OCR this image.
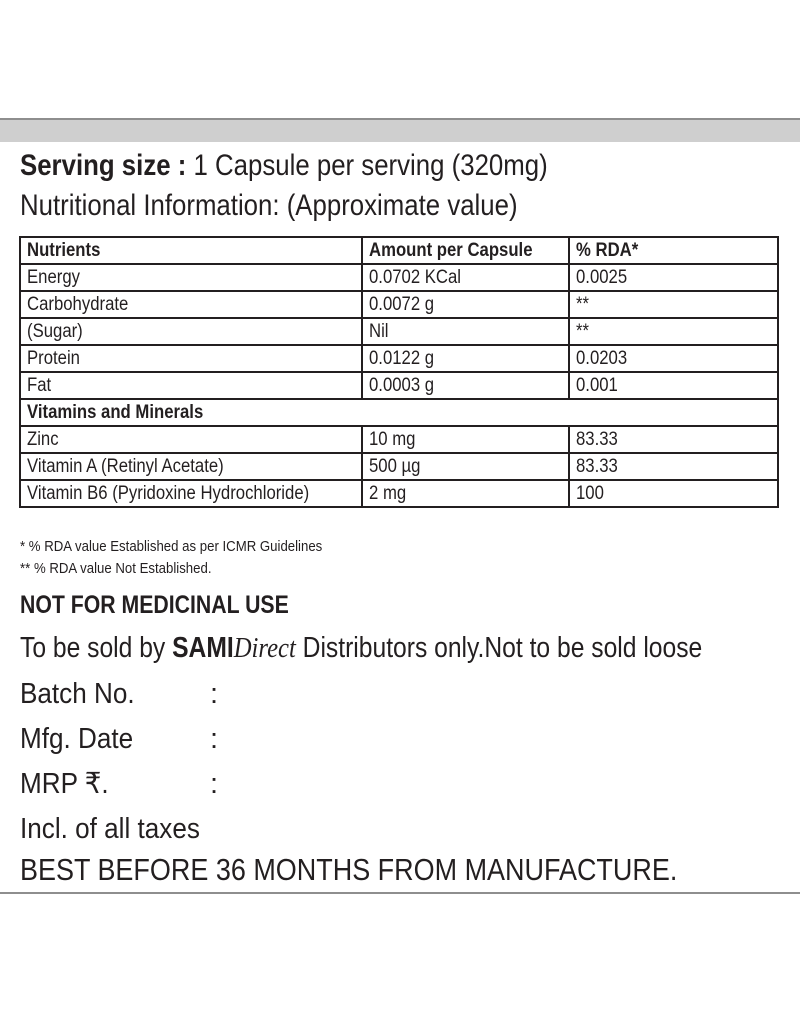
Serving size : 1 Capsule per serving (320mg)
Nutritional Information: (Approximate value)
Nutrients	Amount per Capsule	% RDA*
Energy	0.0702 KCal	0.0025
Carbohydrate	0.0072 g	**
(Sugar)	Nil	**
Protein	0.0122 g	0.0203
Fat	0.0003 g	0.001
Vitamins and Minerals		
Zinc	10 mg	83.33
Vitamin A (Retinyl Acetate)	500 µg	83.33
Vitamin B6 (Pyridoxine Hydrochloride)	2 mg	100
* % RDA value Established as per ICMR Guidelines
** % RDA value Not Established.
NOT FOR MEDICINAL USE
To be sold by SAMIDirect Distributors only.Not to be sold loose
Batch No.	:
Mfg. Date	:
MRP ₹.	:
Incl. of all taxes
BEST BEFORE 36 MONTHS FROM MANUFACTURE.
